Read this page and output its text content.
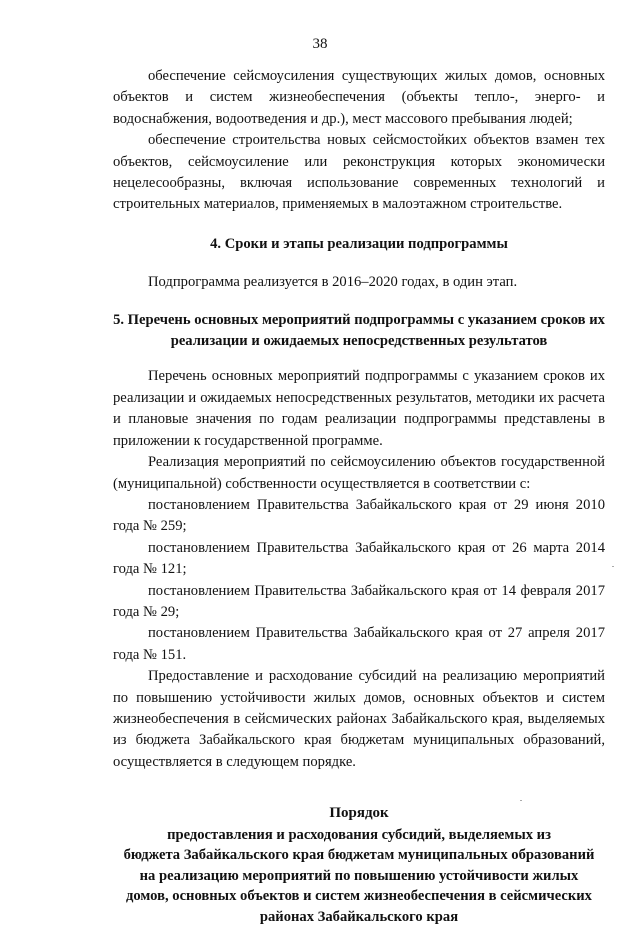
38

обеспечение сейсмоусиления существующих жилых домов, основных объектов и систем жизнеобеспечения (объекты тепло-, энерго- и водоснабжения, водоотведения и др.), мест массового пребывания людей;

обеспечение строительства новых сейсмостойких объектов взамен тех объектов, сейсмоусиление или реконструкция которых экономически нецелесообразны, включая использование современных технологий и строительных материалов, применяемых в малоэтажном строительстве.

4. Сроки и этапы реализации подпрограммы

Подпрограмма реализуется в 2016–2020 годах, в один этап.

5. Перечень основных мероприятий подпрограммы с указанием сроков их реализации и ожидаемых непосредственных результатов

Перечень основных мероприятий подпрограммы с указанием сроков их реализации и ожидаемых непосредственных результатов, методики их расчета и плановые значения по годам реализации подпрограммы представлены в приложении к государственной программе.

Реализация мероприятий по сейсмоусилению объектов государственной (муниципальной) собственности осуществляется в соответствии с:

постановлением Правительства Забайкальского края от 29 июня 2010 года № 259;

постановлением Правительства Забайкальского края от 26 марта 2014 года № 121;

постановлением Правительства Забайкальского края от 14 февраля 2017 года № 29;

постановлением Правительства Забайкальского края от 27 апреля 2017 года № 151.

Предоставление и расходование субсидий на реализацию мероприятий по повышению устойчивости жилых домов, основных объектов и систем жизнеобеспечения в сейсмических районах Забайкальского края, выделяемых из бюджета Забайкальского края бюджетам муниципальных образований, осуществляется в следующем порядке.

Порядок
предоставления и расходования субсидий, выделяемых из
бюджета Забайкальского края бюджетам муниципальных образований
на реализацию мероприятий по повышению устойчивости жилых
домов, основных объектов и систем жизнеобеспечения в сейсмических
районах Забайкальского края
